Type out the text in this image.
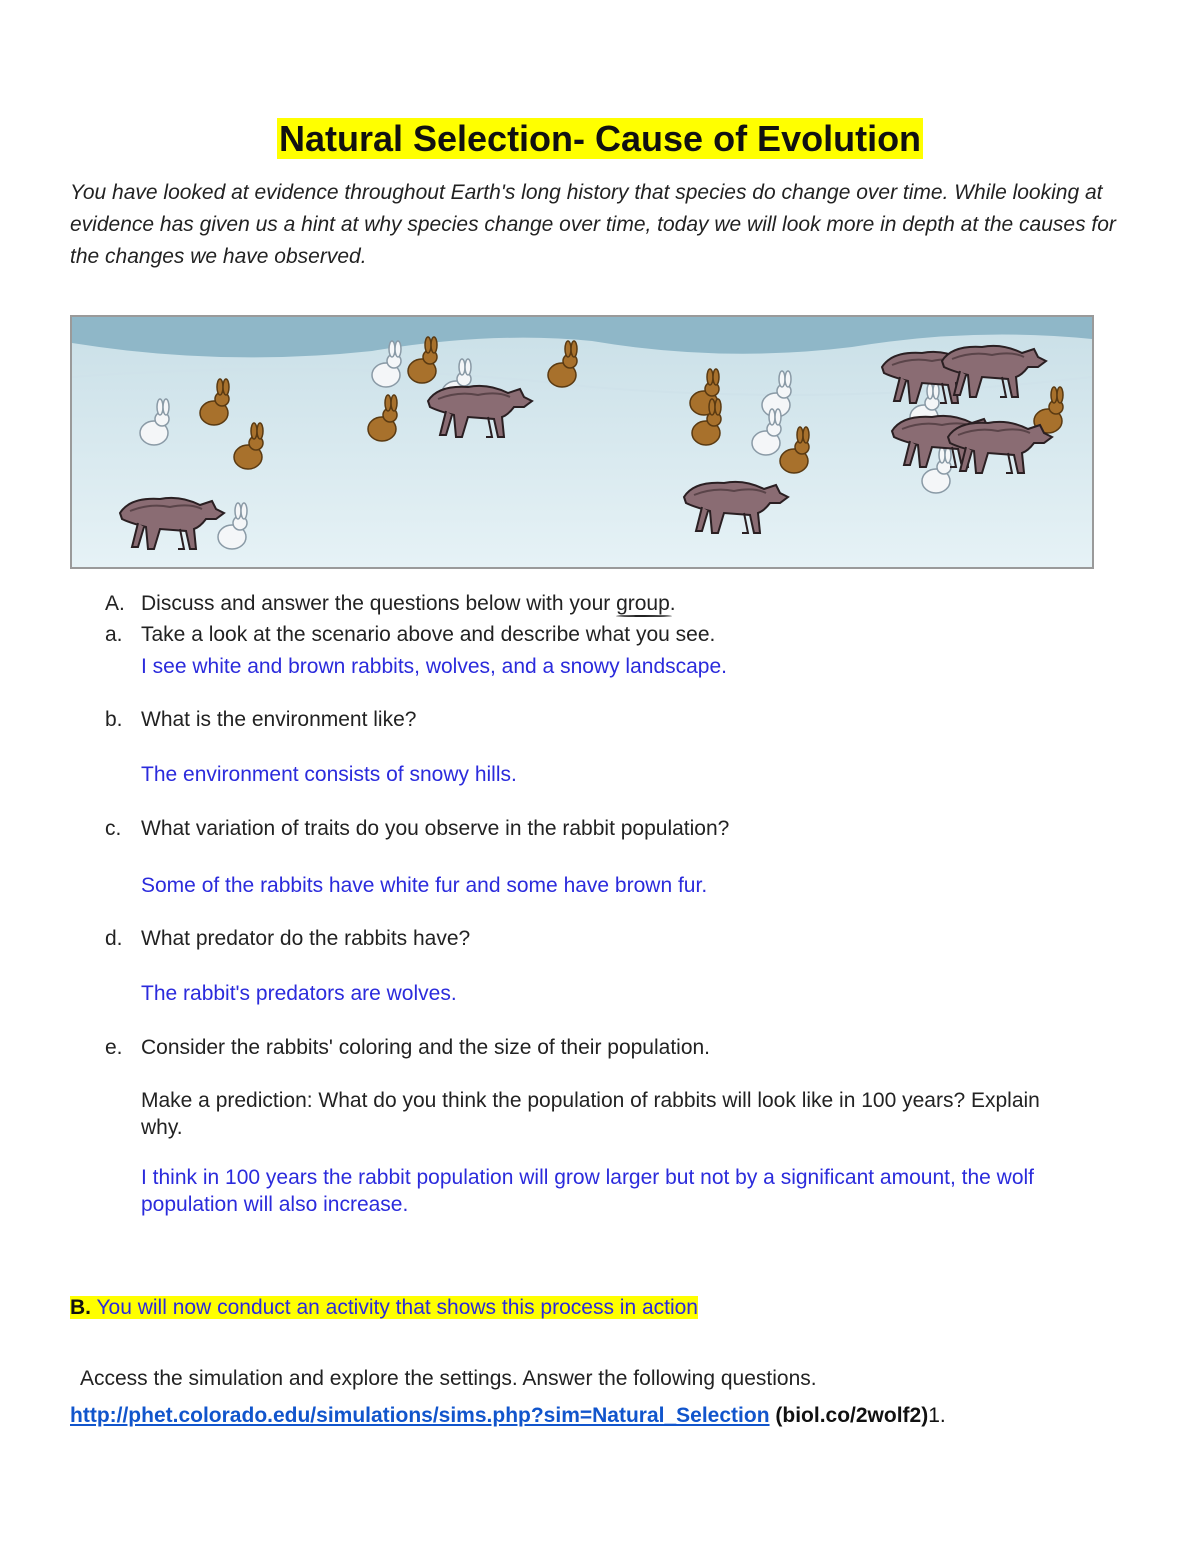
Natural Selection- Cause of Evolution
You have looked at evidence throughout Earth's long history that species do change over time. While looking at evidence has given us a hint at why species change over time, today we will look more in depth at the causes for the changes we have observed.
A. Discuss and answer the questions below with your group.
a. Take a look at the scenario above and describe what you see.
I see white and brown rabbits, wolves, and a snowy landscape.
b. What is the environment like?
The environment consists of snowy hills.
c. What variation of traits do you observe in the rabbit population?
Some of the rabbits have white fur and some have brown fur.
d. What predator do the rabbits have?
The rabbit's predators are wolves.
e. Consider the rabbits' coloring and the size of their population.
Make a prediction: What do you think the population of rabbits will look like in 100 years? Explain why.
I think in 100 years the rabbit population will grow larger but not by a significant amount, the wolf population will also increase.
B. You will now conduct an activity that shows this process in action
Access the simulation and explore the settings. Answer the following questions.
http://phet.colorado.edu/simulations/sims.php?sim=Natural_Selection (biol.co/2wolf2)1.
